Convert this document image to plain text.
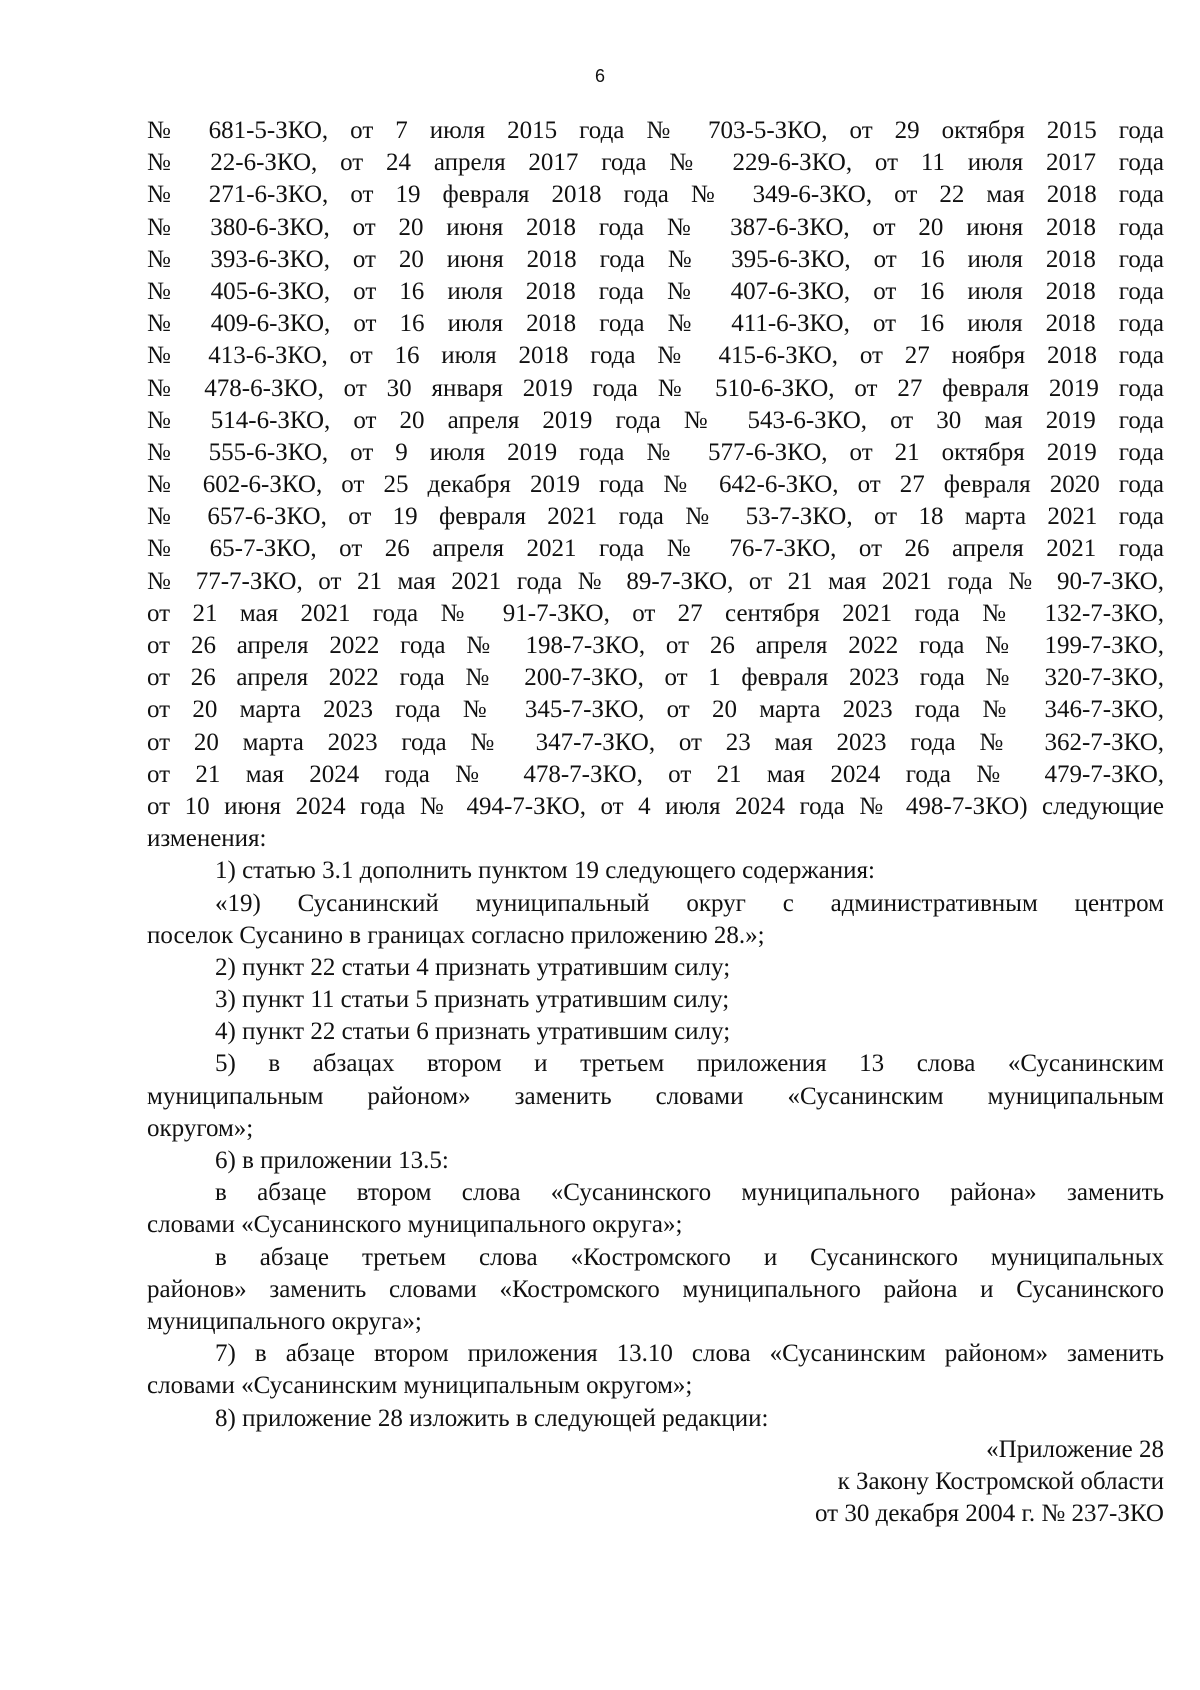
6
№ 681-5-ЗКО, от 7 июля 2015 года № 703-5-ЗКО, от 29 октября 2015 года
№ 22-6-ЗКО, от 24 апреля 2017 года № 229-6-ЗКО, от 11 июля 2017 года
№ 271-6-ЗКО, от 19 февраля 2018 года № 349-6-ЗКО, от 22 мая 2018 года
№ 380-6-ЗКО, от 20 июня 2018 года № 387-6-ЗКО, от 20 июня 2018 года
№ 393-6-ЗКО, от 20 июня 2018 года № 395-6-ЗКО, от 16 июля 2018 года
№ 405-6-ЗКО, от 16 июля 2018 года № 407-6-ЗКО, от 16 июля 2018 года
№ 409-6-ЗКО, от 16 июля 2018 года № 411-6-ЗКО, от 16 июля 2018 года
№ 413-6-ЗКО, от 16 июля 2018 года № 415-6-ЗКО, от 27 ноября 2018 года
№ 478-6-ЗКО, от 30 января 2019 года № 510-6-ЗКО, от 27 февраля 2019 года
№ 514-6-ЗКО, от 20 апреля 2019 года № 543-6-ЗКО, от 30 мая 2019 года
№ 555-6-ЗКО, от 9 июля 2019 года № 577-6-ЗКО, от 21 октября 2019 года
№ 602-6-ЗКО, от 25 декабря 2019 года № 642-6-ЗКО, от 27 февраля 2020 года
№ 657-6-ЗКО, от 19 февраля 2021 года № 53-7-ЗКО, от 18 марта 2021 года
№ 65-7-ЗКО, от 26 апреля 2021 года № 76-7-ЗКО, от 26 апреля 2021 года
№ 77-7-ЗКО, от 21 мая 2021 года № 89-7-ЗКО, от 21 мая 2021 года № 90-7-ЗКО,
от 21 мая 2021 года № 91-7-ЗКО, от 27 сентября 2021 года № 132-7-ЗКО,
от 26 апреля 2022 года № 198-7-ЗКО, от 26 апреля 2022 года № 199-7-ЗКО,
от 26 апреля 2022 года № 200-7-ЗКО, от 1 февраля 2023 года № 320-7-ЗКО,
от 20 марта 2023 года № 345-7-ЗКО, от 20 марта 2023 года № 346-7-ЗКО,
от 20 марта 2023 года № 347-7-ЗКО, от 23 мая 2023 года № 362-7-ЗКО,
от 21 мая 2024 года № 478-7-ЗКО, от 21 мая 2024 года № 479-7-ЗКО,
от 10 июня 2024 года № 494-7-ЗКО, от 4 июля 2024 года № 498-7-ЗКО) следующие
изменения:
1) статью 3.1 дополнить пунктом 19 следующего содержания:
«19) Сусанинский муниципальный округ с административным центром
поселок Сусанино в границах согласно приложению 28.»;
2) пункт 22 статьи 4 признать утратившим силу;
3) пункт 11 статьи 5 признать утратившим силу;
4) пункт 22 статьи 6 признать утратившим силу;
5) в абзацах втором и третьем приложения 13 слова «Сусанинским
муниципальным районом» заменить словами «Сусанинским муниципальным
округом»;
6) в приложении 13.5:
в абзаце втором слова «Сусанинского муниципального района» заменить
словами «Сусанинского муниципального округа»;
в абзаце третьем слова «Костромского и Сусанинского муниципальных
районов» заменить словами «Костромского муниципального района и Сусанинского
муниципального округа»;
7) в абзаце втором приложения 13.10 слова «Сусанинским районом» заменить
словами «Сусанинским муниципальным округом»;
8) приложение 28 изложить в следующей редакции:
«Приложение 28
к Закону Костромской области
от 30 декабря 2004 г. № 237-ЗКО
